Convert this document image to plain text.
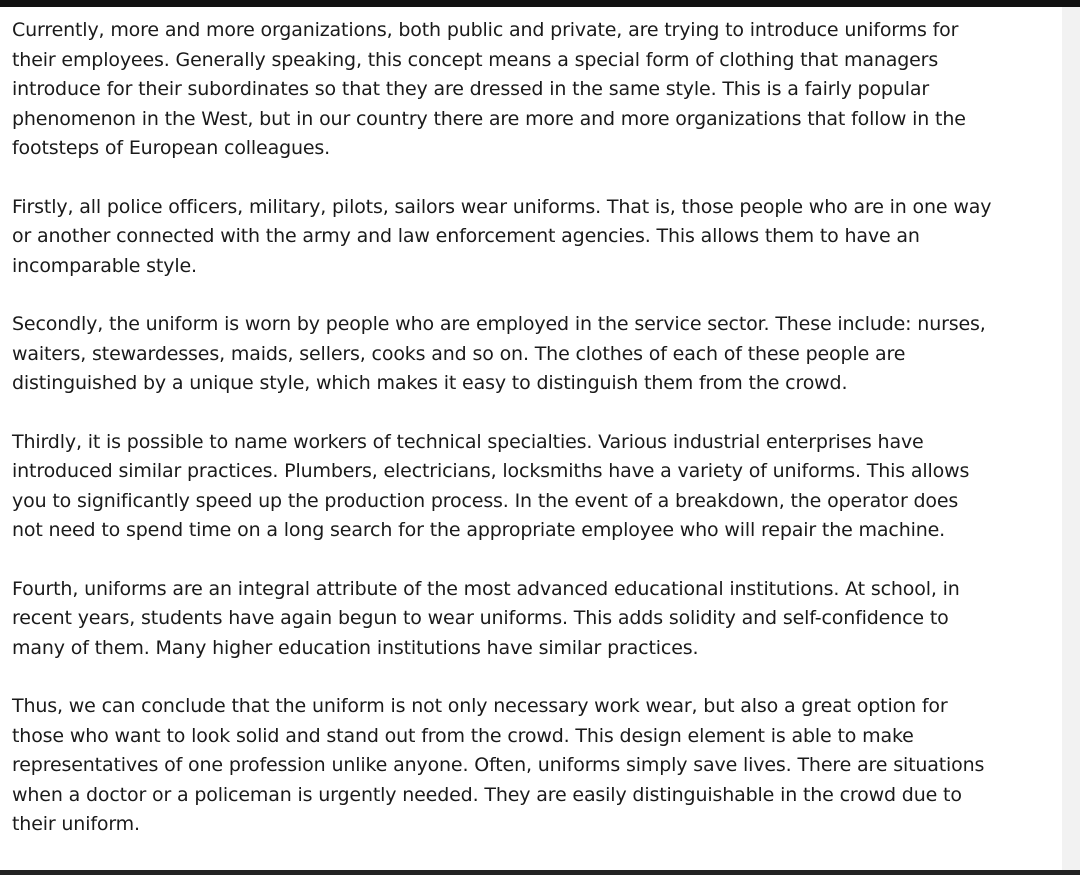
Currently, more and more organizations, both public and private, are trying to introduce uniforms for
their employees. Generally speaking, this concept means a special form of clothing that managers
introduce for their subordinates so that they are dressed in the same style. This is a fairly popular
phenomenon in the West, but in our country there are more and more organizations that follow in the
footsteps of European colleagues.

Firstly, all police officers, military, pilots, sailors wear uniforms. That is, those people who are in one way
or another connected with the army and law enforcement agencies. This allows them to have an
incomparable style.

Secondly, the uniform is worn by people who are employed in the service sector. These include: nurses,
waiters, stewardesses, maids, sellers, cooks and so on. The clothes of each of these people are
distinguished by a unique style, which makes it easy to distinguish them from the crowd.

Thirdly, it is possible to name workers of technical specialties. Various industrial enterprises have
introduced similar practices. Plumbers, electricians, locksmiths have a variety of uniforms. This allows
you to significantly speed up the production process. In the event of a breakdown, the operator does
not need to spend time on a long search for the appropriate employee who will repair the machine.

Fourth, uniforms are an integral attribute of the most advanced educational institutions. At school, in
recent years, students have again begun to wear uniforms. This adds solidity and self-confidence to
many of them. Many higher education institutions have similar practices.

Thus, we can conclude that the uniform is not only necessary work wear, but also a great option for
those who want to look solid and stand out from the crowd. This design element is able to make
representatives of one profession unlike anyone. Often, uniforms simply save lives. There are situations
when a doctor or a policeman is urgently needed. They are easily distinguishable in the crowd due to
their uniform.
